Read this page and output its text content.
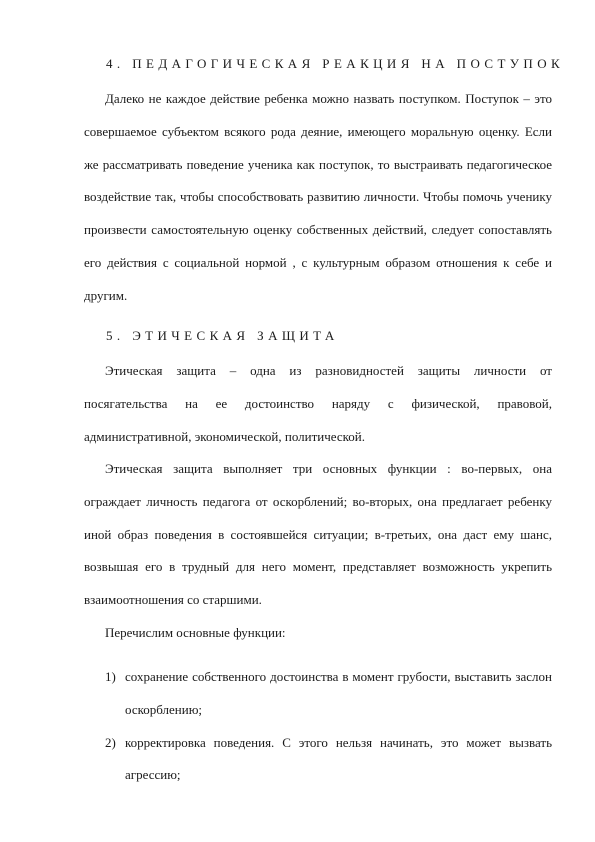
4. ПЕДАГОГИЧЕСКАЯ РЕАКЦИЯ НА ПОСТУПОК

Далеко не каждое действие ребенка можно назвать поступком. Поступок – это совершаемое субъектом всякого рода деяние, имеющего моральную оценку. Если же рассматривать поведение ученика как поступок, то выстраивать педагогическое воздействие так, чтобы способствовать развитию личности. Чтобы помочь ученику произвести самостоятельную оценку собственных действий, следует сопоставлять его действия с социальной нормой , с культурным образом отношения к себе и другим.

5. ЭТИЧЕСКАЯ ЗАЩИТА

Этическая защита – одна из разновидностей защиты личности от посягательства на ее достоинство наряду с физической, правовой, административной, экономической, политической.

Этическая защита выполняет три основных функции : во-первых, она ограждает личность педагога от оскорблений; во-вторых, она предлагает ребенку иной образ поведения в состоявшейся ситуации; в-третьих, она даст ему шанс, возвышая его в трудный для него момент, представляет возможность укрепить взаимоотношения со старшими.

Перечислим основные функции:

1) сохранение собственного достоинства в момент грубости, выставить заслон оскорблению;
2) корректировка поведения. С этого нельзя начинать, это может вызвать агрессию;
